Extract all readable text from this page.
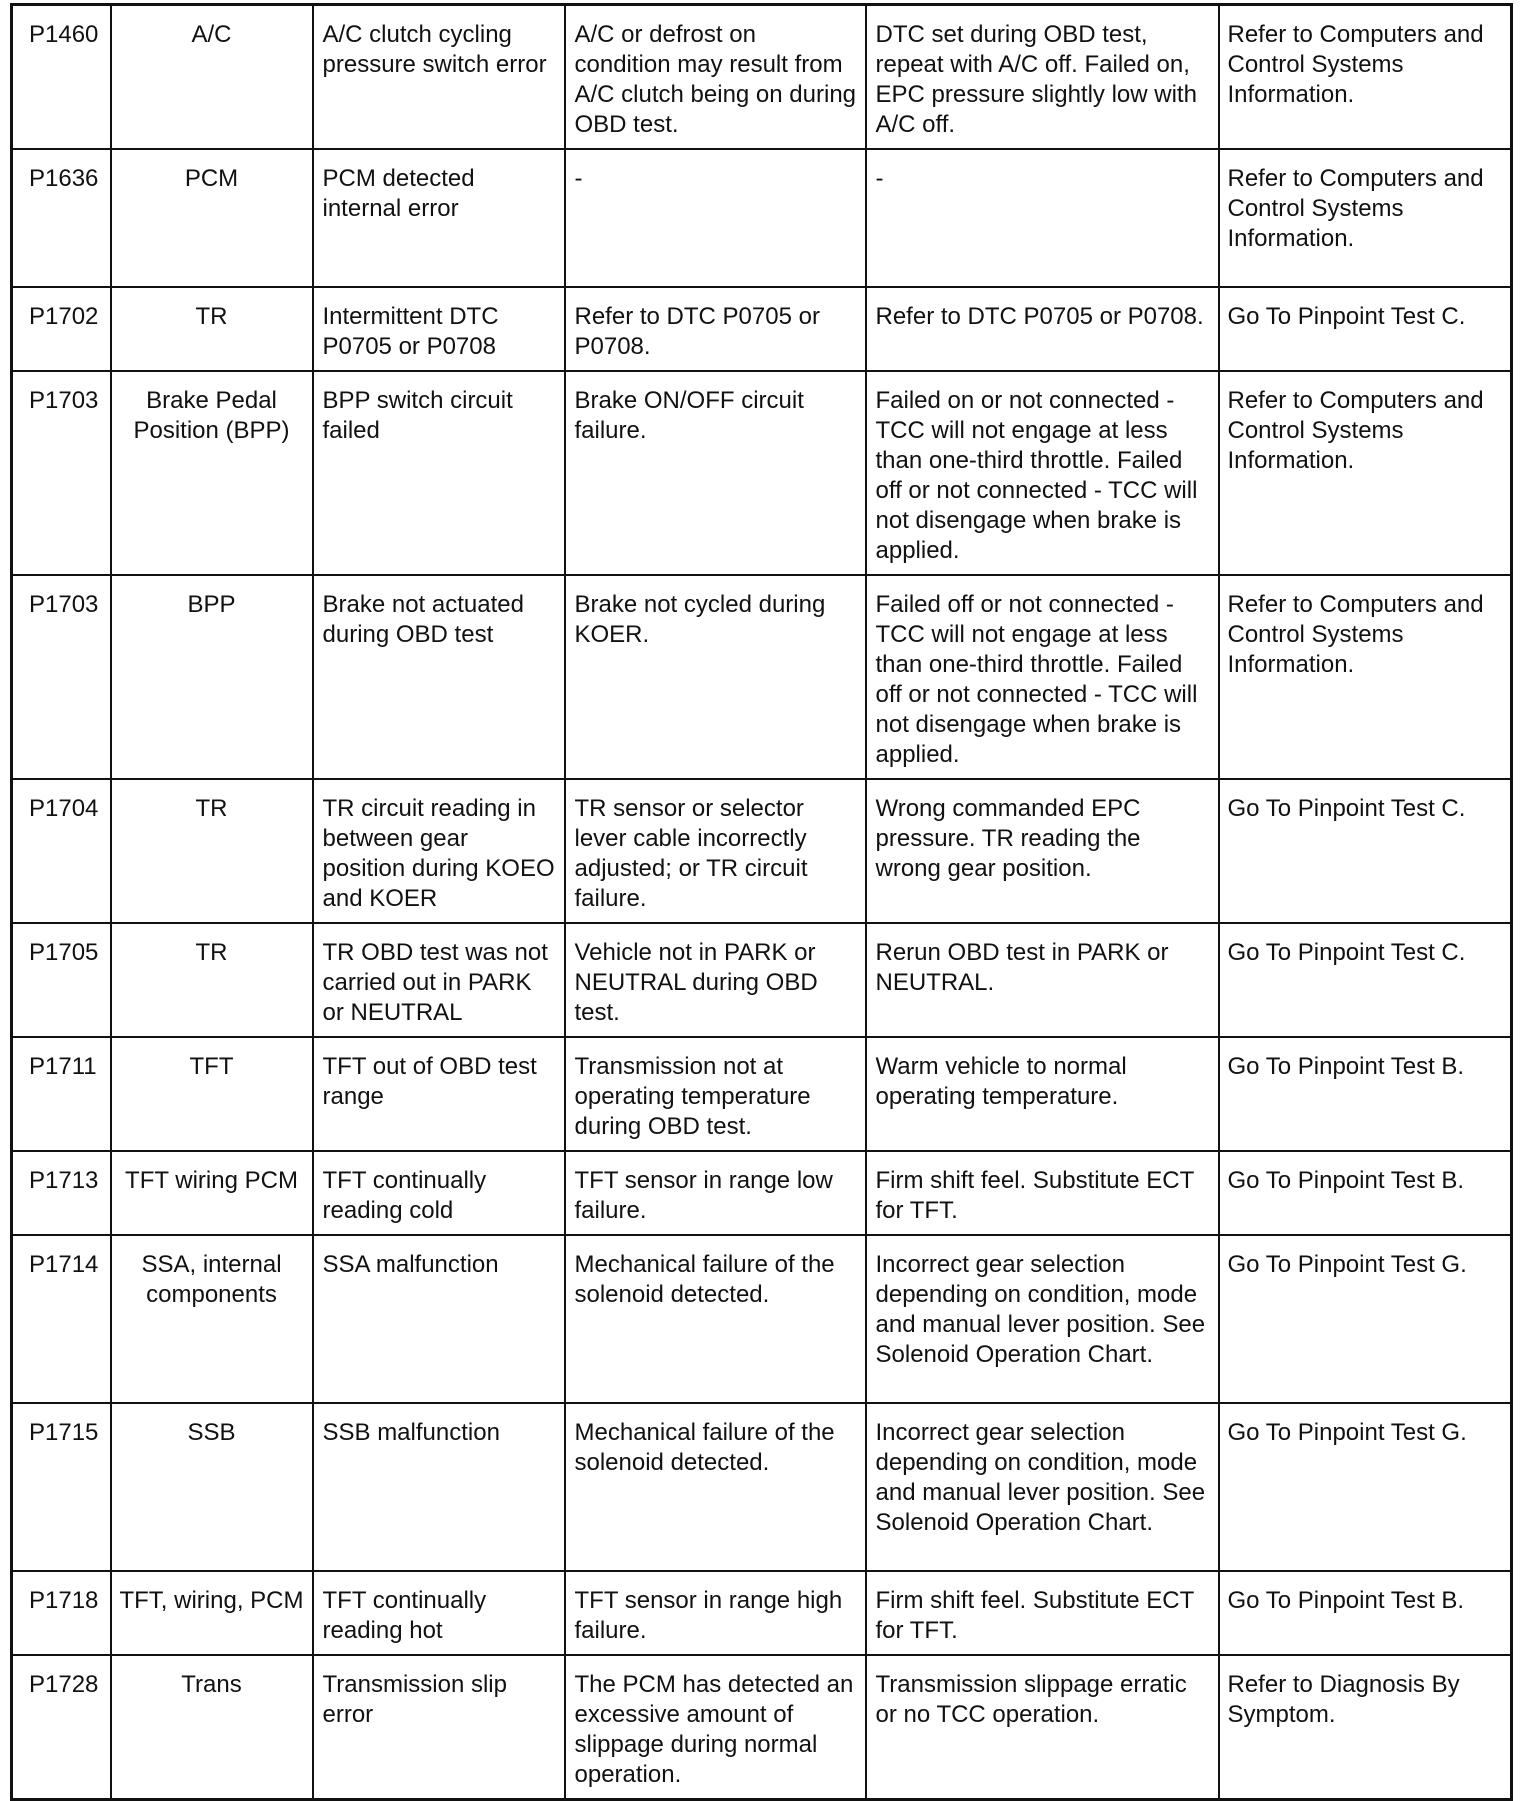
P1460	A/C	A/C clutch cycling pressure switch error	A/C or defrost on condition may result from A/C clutch being on during OBD test.	DTC set during OBD test, repeat with A/C off. Failed on, EPC pressure slightly low with A/C off.	Refer to Computers and Control Systems Information.
P1636	PCM	PCM detected internal error	-	-	Refer to Computers and Control Systems Information.
P1702	TR	Intermittent DTC P0705 or P0708	Refer to DTC P0705 or P0708.	Refer to DTC P0705 or P0708.	Go To Pinpoint Test C.
P1703	Brake Pedal Position (BPP)	BPP switch circuit failed	Brake ON/OFF circuit failure.	Failed on or not connected - TCC will not engage at less than one-third throttle. Failed off or not connected - TCC will not disengage when brake is applied.	Refer to Computers and Control Systems Information.
P1703	BPP	Brake not actuated during OBD test	Brake not cycled during KOER.	Failed off or not connected - TCC will not engage at less than one-third throttle. Failed off or not connected - TCC will not disengage when brake is applied.	Refer to Computers and Control Systems Information.
P1704	TR	TR circuit reading in between gear position during KOEO and KOER	TR sensor or selector lever cable incorrectly adjusted; or TR circuit failure.	Wrong commanded EPC pressure. TR reading the wrong gear position.	Go To Pinpoint Test C.
P1705	TR	TR OBD test was not carried out in PARK or NEUTRAL	Vehicle not in PARK or NEUTRAL during OBD test.	Rerun OBD test in PARK or NEUTRAL.	Go To Pinpoint Test C.
P1711	TFT	TFT out of OBD test range	Transmission not at operating temperature during OBD test.	Warm vehicle to normal operating temperature.	Go To Pinpoint Test B.
P1713	TFT wiring PCM	TFT continually reading cold	TFT sensor in range low failure.	Firm shift feel. Substitute ECT for TFT.	Go To Pinpoint Test B.
P1714	SSA, internal components	SSA malfunction	Mechanical failure of the solenoid detected.	Incorrect gear selection depending on condition, mode and manual lever position. See Solenoid Operation Chart.	Go To Pinpoint Test G.
P1715	SSB	SSB malfunction	Mechanical failure of the solenoid detected.	Incorrect gear selection depending on condition, mode and manual lever position. See Solenoid Operation Chart.	Go To Pinpoint Test G.
P1718	TFT, wiring, PCM	TFT continually reading hot	TFT sensor in range high failure.	Firm shift feel. Substitute ECT for TFT.	Go To Pinpoint Test B.
P1728	Trans	Transmission slip error	The PCM has detected an excessive amount of slippage during normal operation.	Transmission slippage erratic or no TCC operation.	Refer to Diagnosis By Symptom.
